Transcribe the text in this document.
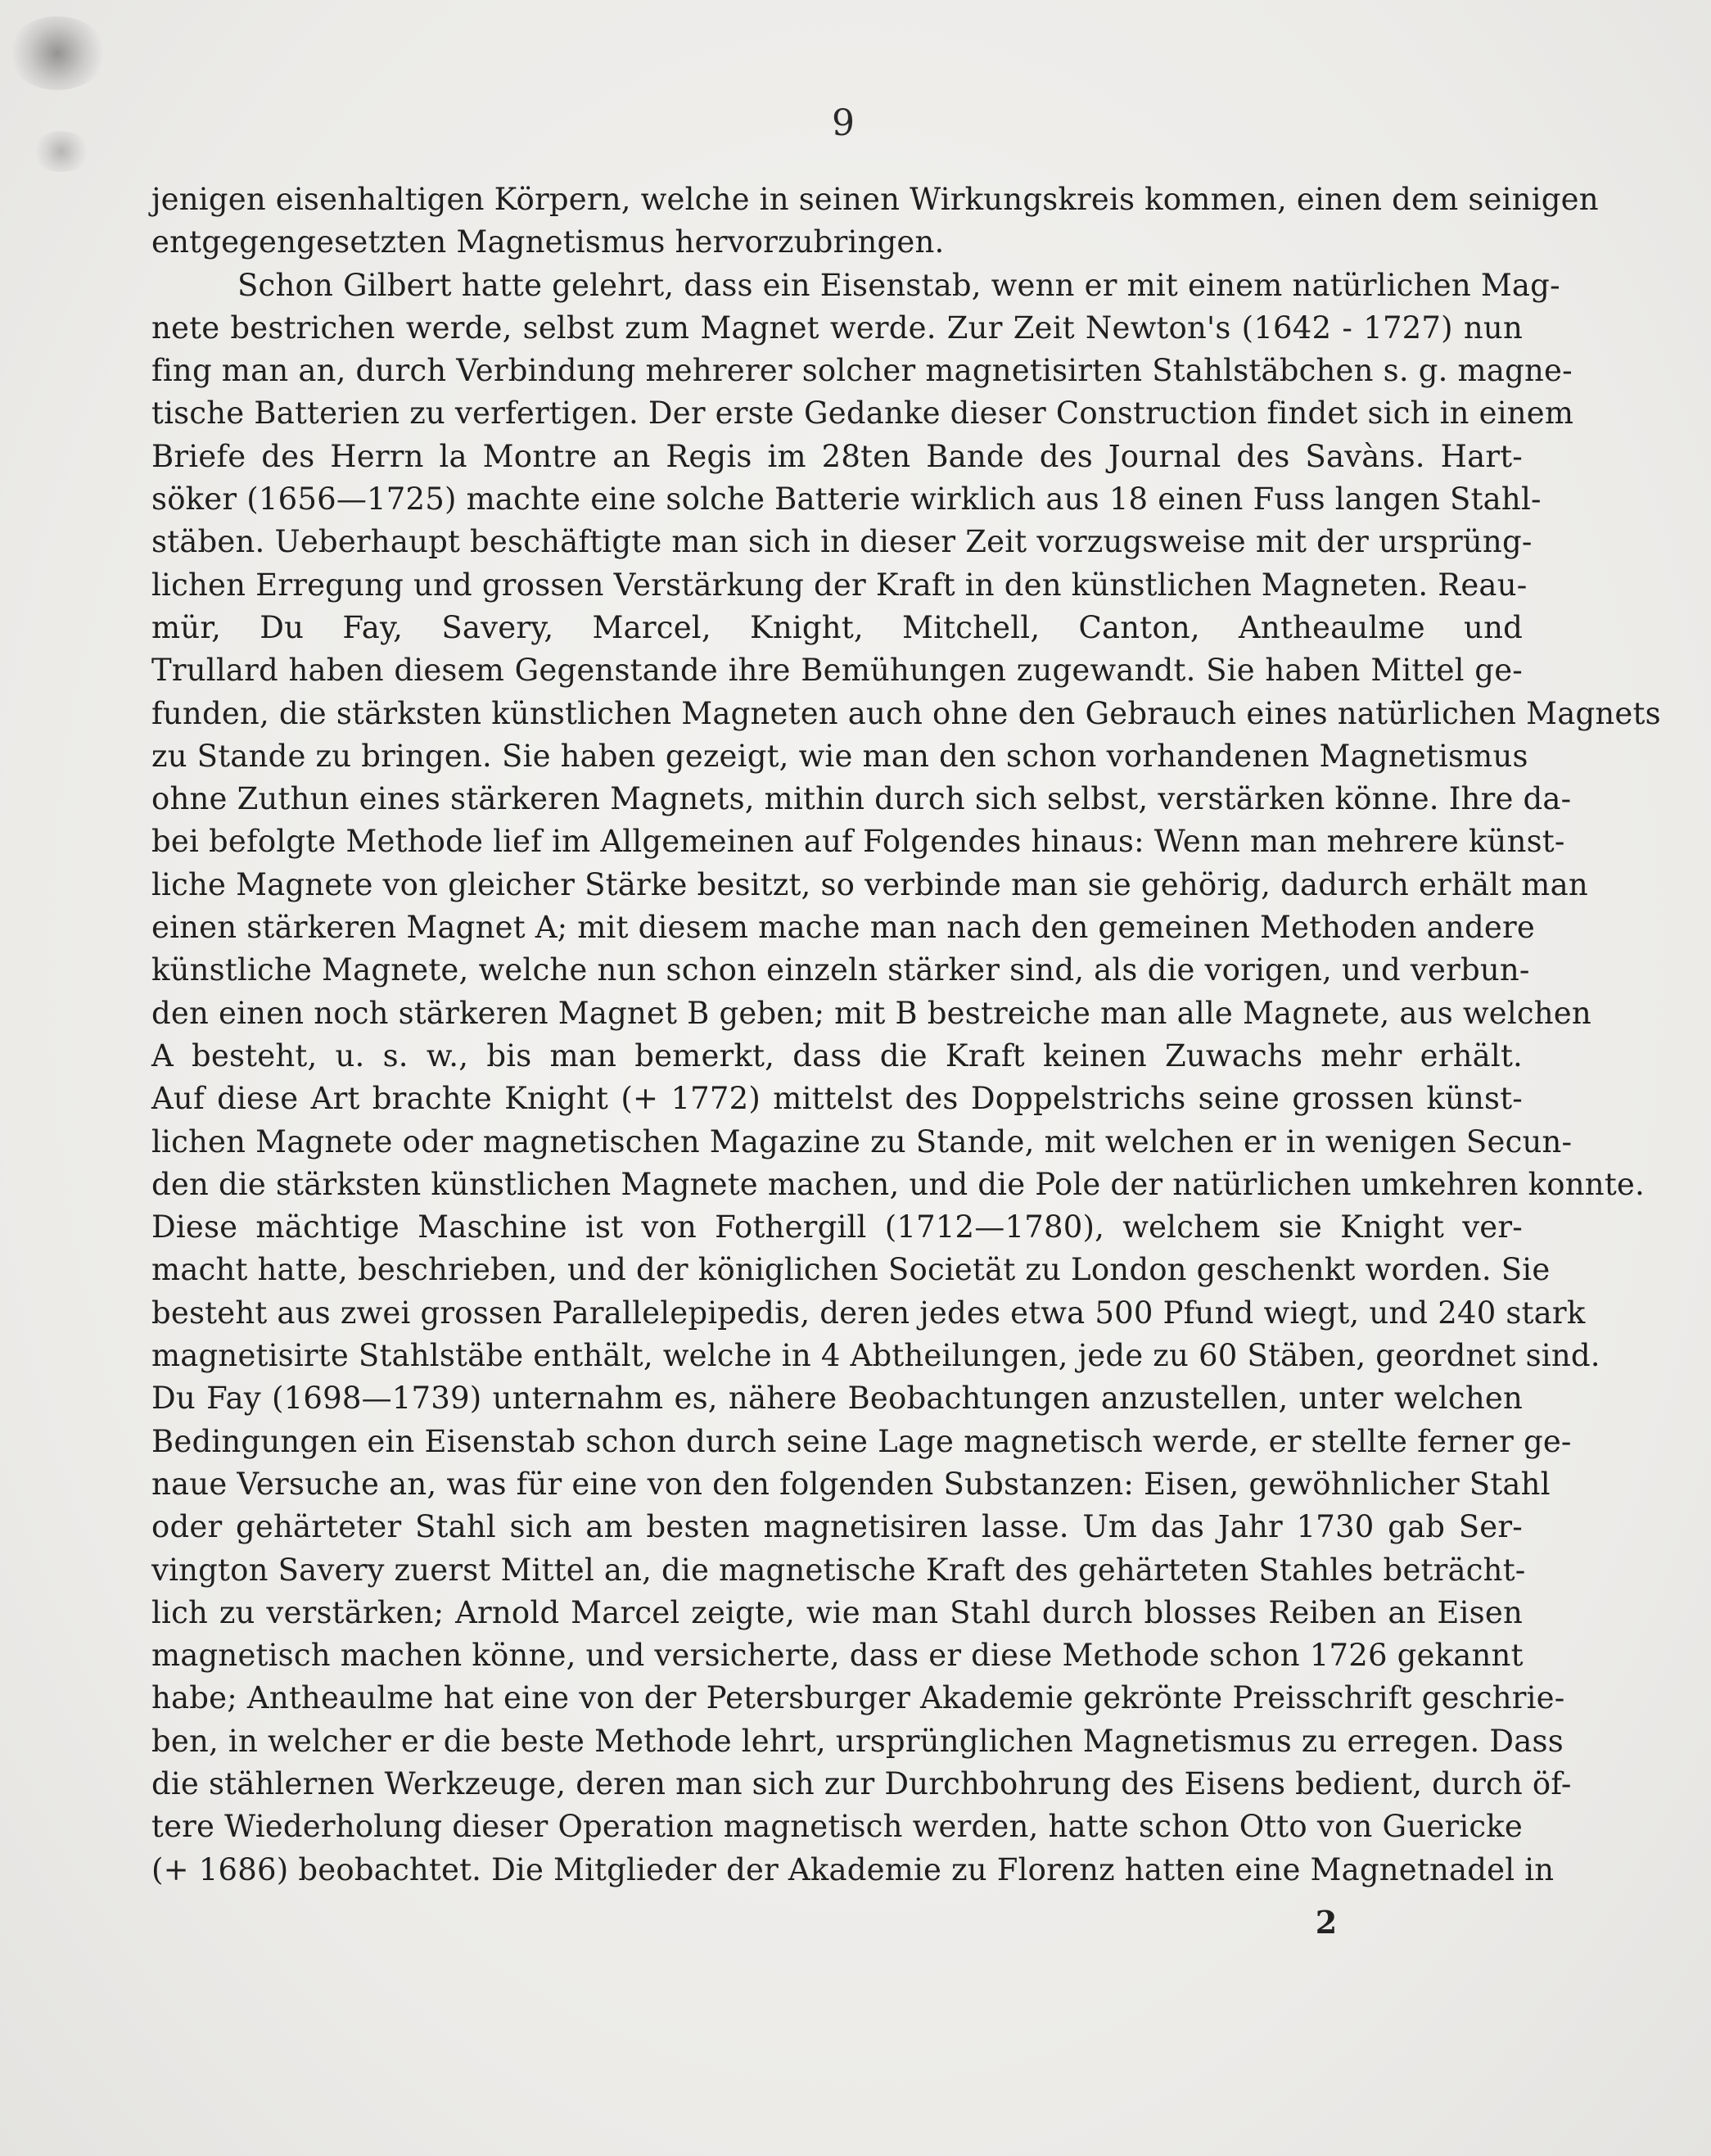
9
jenigen eisenhaltigen Körpern, welche in seinen Wirkungskreis kommen, einen dem seinigen
entgegengesetzten Magnetismus hervorzubringen.
Schon Gilbert hatte gelehrt, dass ein Eisenstab, wenn er mit einem natürlichen Mag-
nete bestrichen werde, selbst zum Magnet werde. Zur Zeit Newton's (1642 - 1727) nun
fing man an, durch Verbindung mehrerer solcher magnetisirten Stahlstäbchen s. g. magne-
tische Batterien zu verfertigen. Der erste Gedanke dieser Construction findet sich in einem
Briefe des Herrn la Montre an Regis im 28ten Bande des Journal des Savàns. Hart-
söker (1656—1725) machte eine solche Batterie wirklich aus 18 einen Fuss langen Stahl-
stäben. Ueberhaupt beschäftigte man sich in dieser Zeit vorzugsweise mit der ursprüng-
lichen Erregung und grossen Verstärkung der Kraft in den künstlichen Magneten. Reau-
mür, Du Fay, Savery, Marcel, Knight, Mitchell, Canton, Antheaulme und
Trullard haben diesem Gegenstande ihre Bemühungen zugewandt. Sie haben Mittel ge-
funden, die stärksten künstlichen Magneten auch ohne den Gebrauch eines natürlichen Magnets
zu Stande zu bringen. Sie haben gezeigt, wie man den schon vorhandenen Magnetismus
ohne Zuthun eines stärkeren Magnets, mithin durch sich selbst, verstärken könne. Ihre da-
bei befolgte Methode lief im Allgemeinen auf Folgendes hinaus: Wenn man mehrere künst-
liche Magnete von gleicher Stärke besitzt, so verbinde man sie gehörig, dadurch erhält man
einen stärkeren Magnet A; mit diesem mache man nach den gemeinen Methoden andere
künstliche Magnete, welche nun schon einzeln stärker sind, als die vorigen, und verbun-
den einen noch stärkeren Magnet B geben; mit B bestreiche man alle Magnete, aus welchen
A besteht, u. s. w., bis man bemerkt, dass die Kraft keinen Zuwachs mehr erhält.
Auf diese Art brachte Knight (+ 1772) mittelst des Doppelstrichs seine grossen künst-
lichen Magnete oder magnetischen Magazine zu Stande, mit welchen er in wenigen Secun-
den die stärksten künstlichen Magnete machen, und die Pole der natürlichen umkehren konnte.
Diese mächtige Maschine ist von Fothergill (1712—1780), welchem sie Knight ver-
macht hatte, beschrieben, und der königlichen Societät zu London geschenkt worden. Sie
besteht aus zwei grossen Parallelepipedis, deren jedes etwa 500 Pfund wiegt, und 240 stark
magnetisirte Stahlstäbe enthält, welche in 4 Abtheilungen, jede zu 60 Stäben, geordnet sind.
Du Fay (1698—1739) unternahm es, nähere Beobachtungen anzustellen, unter welchen
Bedingungen ein Eisenstab schon durch seine Lage magnetisch werde, er stellte ferner ge-
naue Versuche an, was für eine von den folgenden Substanzen: Eisen, gewöhnlicher Stahl
oder gehärteter Stahl sich am besten magnetisiren lasse. Um das Jahr 1730 gab Ser-
vington Savery zuerst Mittel an, die magnetische Kraft des gehärteten Stahles beträcht-
lich zu verstärken; Arnold Marcel zeigte, wie man Stahl durch blosses Reiben an Eisen
magnetisch machen könne, und versicherte, dass er diese Methode schon 1726 gekannt
habe; Antheaulme hat eine von der Petersburger Akademie gekrönte Preisschrift geschrie-
ben, in welcher er die beste Methode lehrt, ursprünglichen Magnetismus zu erregen. Dass
die stählernen Werkzeuge, deren man sich zur Durchbohrung des Eisens bedient, durch öf-
tere Wiederholung dieser Operation magnetisch werden, hatte schon Otto von Guericke
(+ 1686) beobachtet. Die Mitglieder der Akademie zu Florenz hatten eine Magnetnadel in
2
